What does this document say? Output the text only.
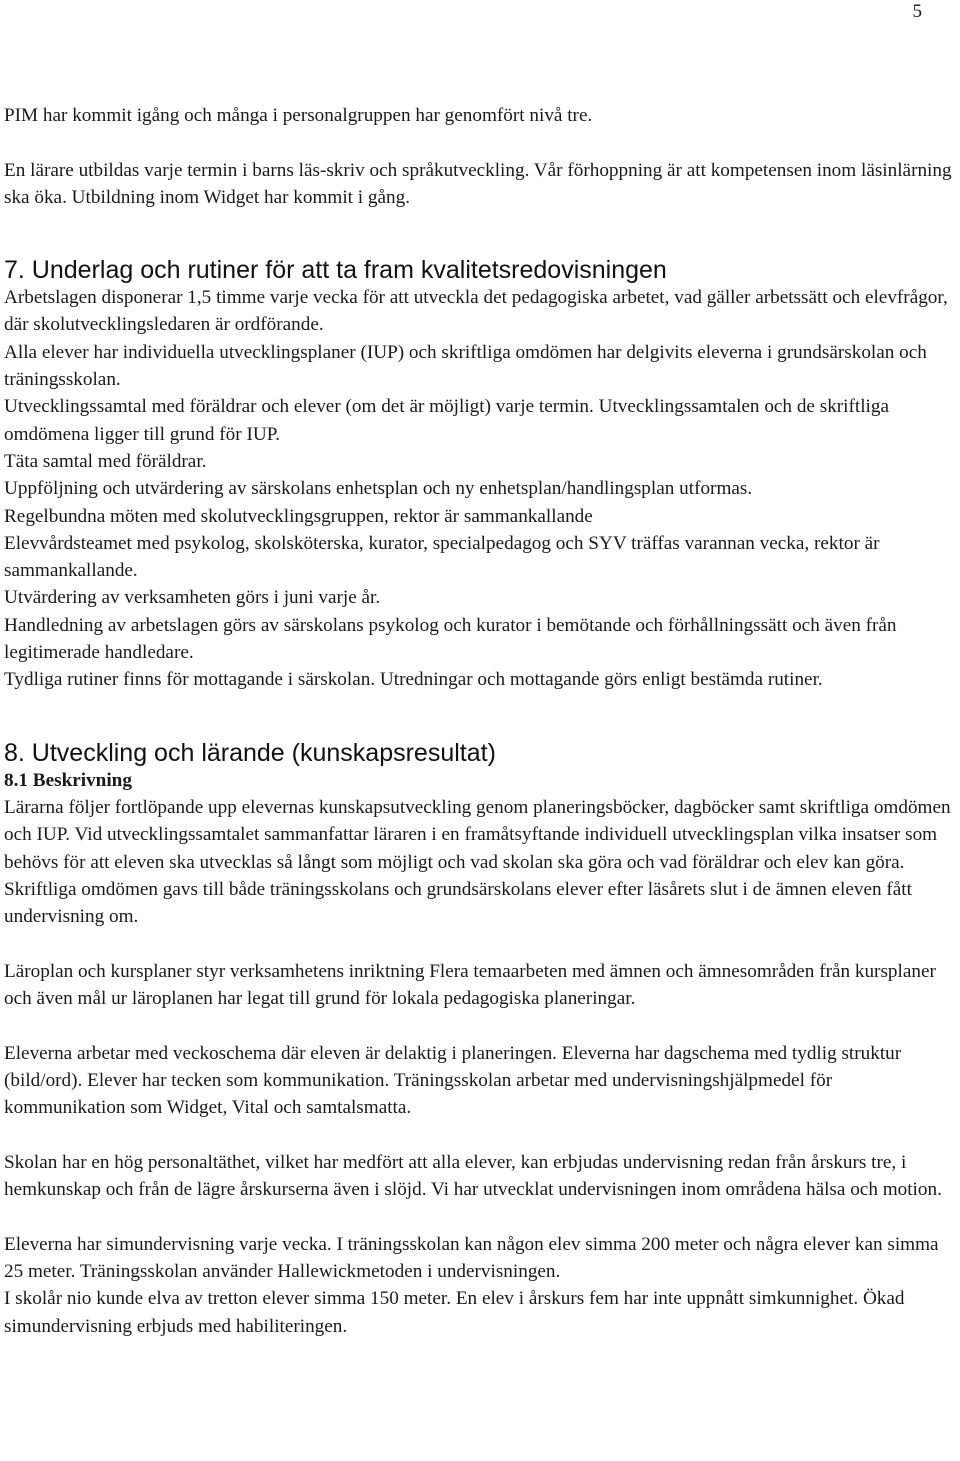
5

PIM har kommit igång och många i personalgruppen har genomfört nivå tre.

En lärare utbildas varje termin i barns läs-skriv och språkutveckling. Vår förhoppning är att kompetensen inom läsinlärning ska öka. Utbildning inom Widget har kommit i gång.

7. Underlag och rutiner för att ta fram kvalitetsredovisningen

Arbetslagen disponerar 1,5 timme varje vecka för att utveckla det pedagogiska arbetet, vad gäller arbetssätt och elevfrågor, där skolutvecklingsledaren är ordförande.

Alla elever har individuella utvecklingsplaner (IUP) och skriftliga omdömen har delgivits eleverna i grundsärskolan och träningsskolan.

Utvecklingssamtal med föräldrar och elever (om det är möjligt) varje termin. Utvecklingssamtalen och de skriftliga omdömena ligger till grund för IUP.

Täta samtal med föräldrar.

Uppföljning och utvärdering av särskolans enhetsplan och ny enhetsplan/handlingsplan utformas.

Regelbundna möten med skolutvecklingsgruppen, rektor är sammankallande

Elevvårdsteamet med psykolog, skolsköterska, kurator, specialpedagog och SYV träffas varannan vecka, rektor är sammankallande.

Utvärdering av verksamheten görs i juni varje år.

Handledning av arbetslagen görs av särskolans psykolog och kurator i bemötande och förhållningssätt och även från legitimerade handledare.

Tydliga rutiner finns för mottagande i särskolan. Utredningar och mottagande görs enligt bestämda rutiner.

8. Utveckling och lärande (kunskapsresultat)

8.1 Beskrivning

Lärarna följer fortlöpande upp elevernas kunskapsutveckling genom planeringsböcker, dagböcker samt skriftliga omdömen och IUP. Vid utvecklingssamtalet sammanfattar läraren i en framåtsyftande individuell utvecklingsplan vilka insatser som behövs för att eleven ska utvecklas så långt som möjligt och vad skolan ska göra och vad föräldrar och elev kan göra. Skriftliga omdömen gavs till både träningsskolans och grundsärskolans elever efter läsårets slut i de ämnen eleven fått undervisning om.

Läroplan och kursplaner styr verksamhetens inriktning Flera temaarbeten med ämnen och ämnesområden från kursplaner och även mål ur läroplanen har legat till grund för lokala pedagogiska planeringar.

Eleverna arbetar med veckoschema där eleven är delaktig i planeringen. Eleverna har dagschema med tydlig struktur (bild/ord). Elever har tecken som kommunikation. Träningsskolan arbetar med undervisningshjälpmedel för kommunikation som Widget, Vital och samtalsmatta.

Skolan har en hög personaltäthet, vilket har medfört att alla elever, kan erbjudas undervisning redan från årskurs tre, i hemkunskap och från de lägre årskurserna även i slöjd. Vi har utvecklat undervisningen inom områdena hälsa och motion.

Eleverna har simundervisning varje vecka. I träningsskolan kan någon elev simma 200 meter och några elever kan simma 25 meter. Träningsskolan använder Hallewickmetoden i undervisningen.

I skolår nio kunde elva av tretton elever simma 150 meter. En elev i årskurs fem har inte uppnått simkunnighet. Ökad simundervisning erbjuds med habiliteringen.
